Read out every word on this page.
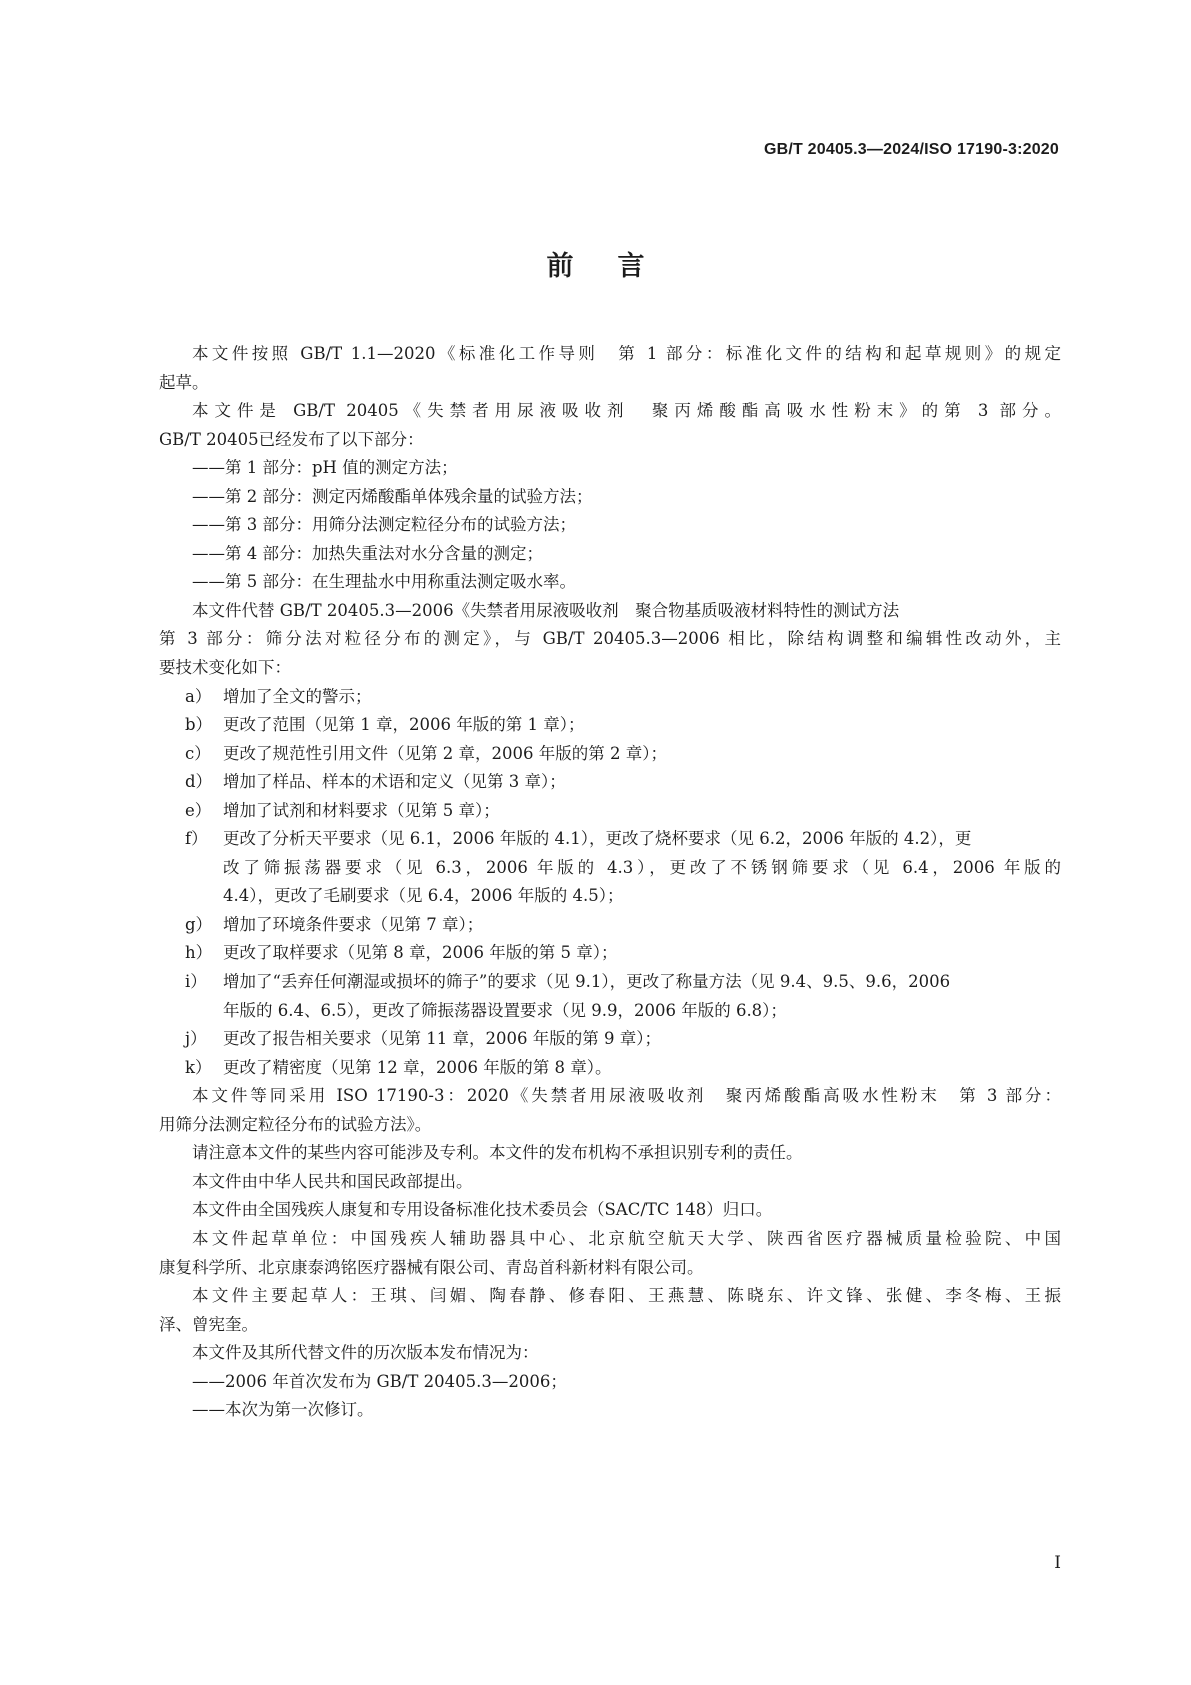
GB/T 20405.3—2024/ISO 17190-3:2020
前言
本文件按照 GB/T 1.1—2020《标准化工作导则　第 1 部分：标准化文件的结构和起草规则》的规定
起草。
本文件是 GB/T 20405《失禁者用尿液吸收剂　聚丙烯酸酯高吸水性粉末》的第 3 部分。
GB/T 20405已经发布了以下部分：
——第 1 部分：pH 值的测定方法；
——第 2 部分：测定丙烯酸酯单体残余量的试验方法；
——第 3 部分：用筛分法测定粒径分布的试验方法；
——第 4 部分：加热失重法对水分含量的测定；
——第 5 部分：在生理盐水中用称重法测定吸水率。
本文件代替 GB/T 20405.3—2006《失禁者用尿液吸收剂　聚合物基质吸液材料特性的测试方法
第 3 部分：筛分法对粒径分布的测定》，与 GB/T 20405.3—2006 相比，除结构调整和编辑性改动外，主
要技术变化如下：
a） 增加了全文的警示；
b） 更改了范围（见第 1 章，2006 年版的第 1 章）；
c） 更改了规范性引用文件（见第 2 章，2006 年版的第 2 章）；
d） 增加了样品、样本的术语和定义（见第 3 章）；
e） 增加了试剂和材料要求（见第 5 章）；
f） 更改了分析天平要求（见 6.1，2006 年版的 4.1），更改了烧杯要求（见 6.2，2006 年版的 4.2），更
改了筛振荡器要求（见 6.3，2006 年版的 4.3），更改了不锈钢筛要求（见 6.4，2006 年版的
4.4），更改了毛刷要求（见 6.4，2006 年版的 4.5）；
g） 增加了环境条件要求（见第 7 章）；
h） 更改了取样要求（见第 8 章，2006 年版的第 5 章）；
i） 增加了“丢弃任何潮湿或损坏的筛子”的要求（见 9.1），更改了称量方法（见 9.4、9.5、9.6，2006
年版的 6.4、6.5），更改了筛振荡器设置要求（见 9.9，2006 年版的 6.8）；
j） 更改了报告相关要求（见第 11 章，2006 年版的第 9 章）；
k） 更改了精密度（见第 12 章，2006 年版的第 8 章）。
本文件等同采用 ISO 17190-3：2020《失禁者用尿液吸收剂　聚丙烯酸酯高吸水性粉末　第 3 部分：
用筛分法测定粒径分布的试验方法》。
请注意本文件的某些内容可能涉及专利。本文件的发布机构不承担识别专利的责任。
本文件由中华人民共和国民政部提出。
本文件由全国残疾人康复和专用设备标准化技术委员会（SAC/TC 148）归口。
本文件起草单位：中国残疾人辅助器具中心、北京航空航天大学、陕西省医疗器械质量检验院、中国
康复科学所、北京康泰鸿铭医疗器械有限公司、青岛首科新材料有限公司。
本文件主要起草人：王琪、闫媚、陶春静、修春阳、王燕慧、陈晓东、许文锋、张健、李冬梅、王振
泽、曾宪奎。
本文件及其所代替文件的历次版本发布情况为：
——2006 年首次发布为 GB/T 20405.3—2006；
——本次为第一次修订。
I
